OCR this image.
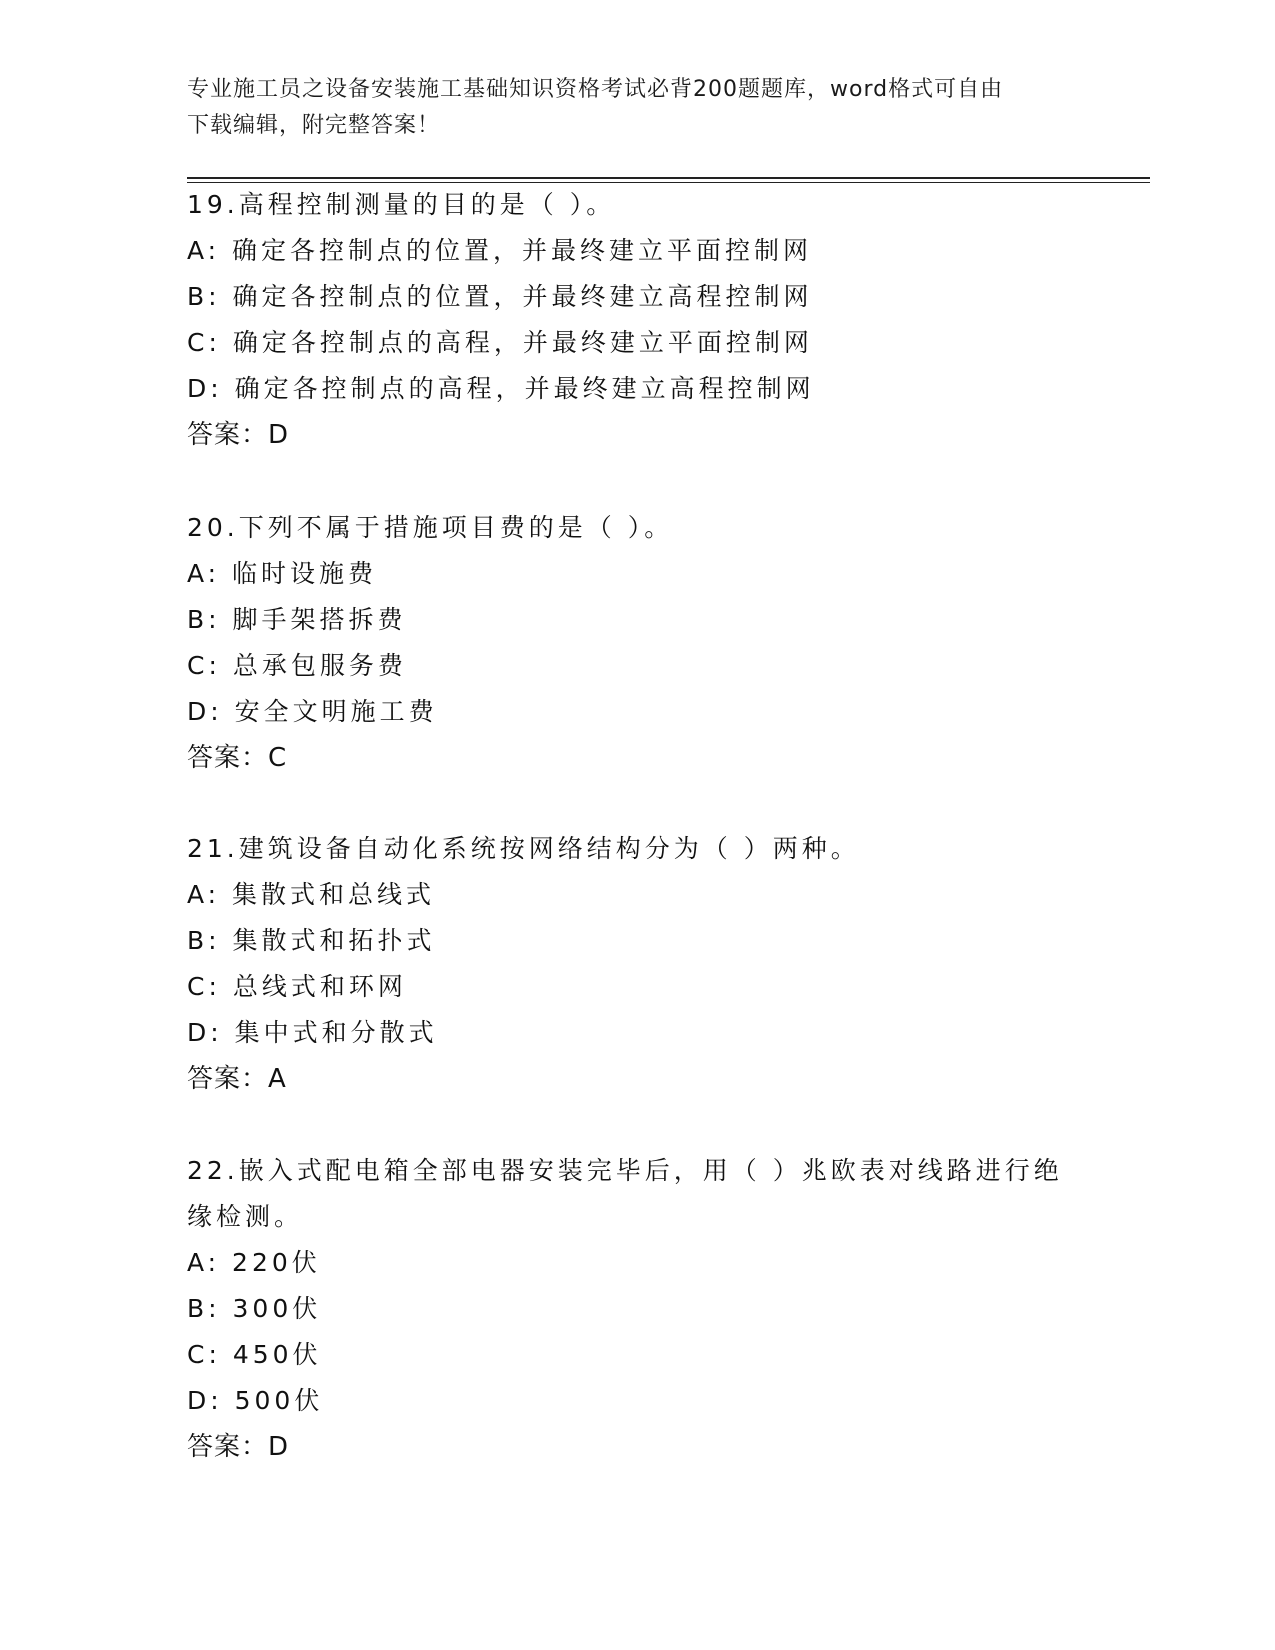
专业施工员之设备安装施工基础知识资格考试必背200题题库，word格式可自由
下载编辑，附完整答案！
19.高程控制测量的目的是（ ）。
A: 确定各控制点的位置，并最终建立平面控制网
B: 确定各控制点的位置，并最终建立高程控制网
C: 确定各控制点的高程，并最终建立平面控制网
D: 确定各控制点的高程，并最终建立高程控制网
答案：D
20.下列不属于措施项目费的是（ ）。
A: 临时设施费
B: 脚手架搭拆费
C: 总承包服务费
D: 安全文明施工费
答案：C
21.建筑设备自动化系统按网络结构分为（ ）两种。
A: 集散式和总线式
B: 集散式和拓扑式
C: 总线式和环网
D: 集中式和分散式
答案：A
22.嵌入式配电箱全部电器安装完毕后，用（ ）兆欧表对线路进行绝
缘检测。
A: 220伏
B: 300伏
C: 450伏
D: 500伏
答案：D
